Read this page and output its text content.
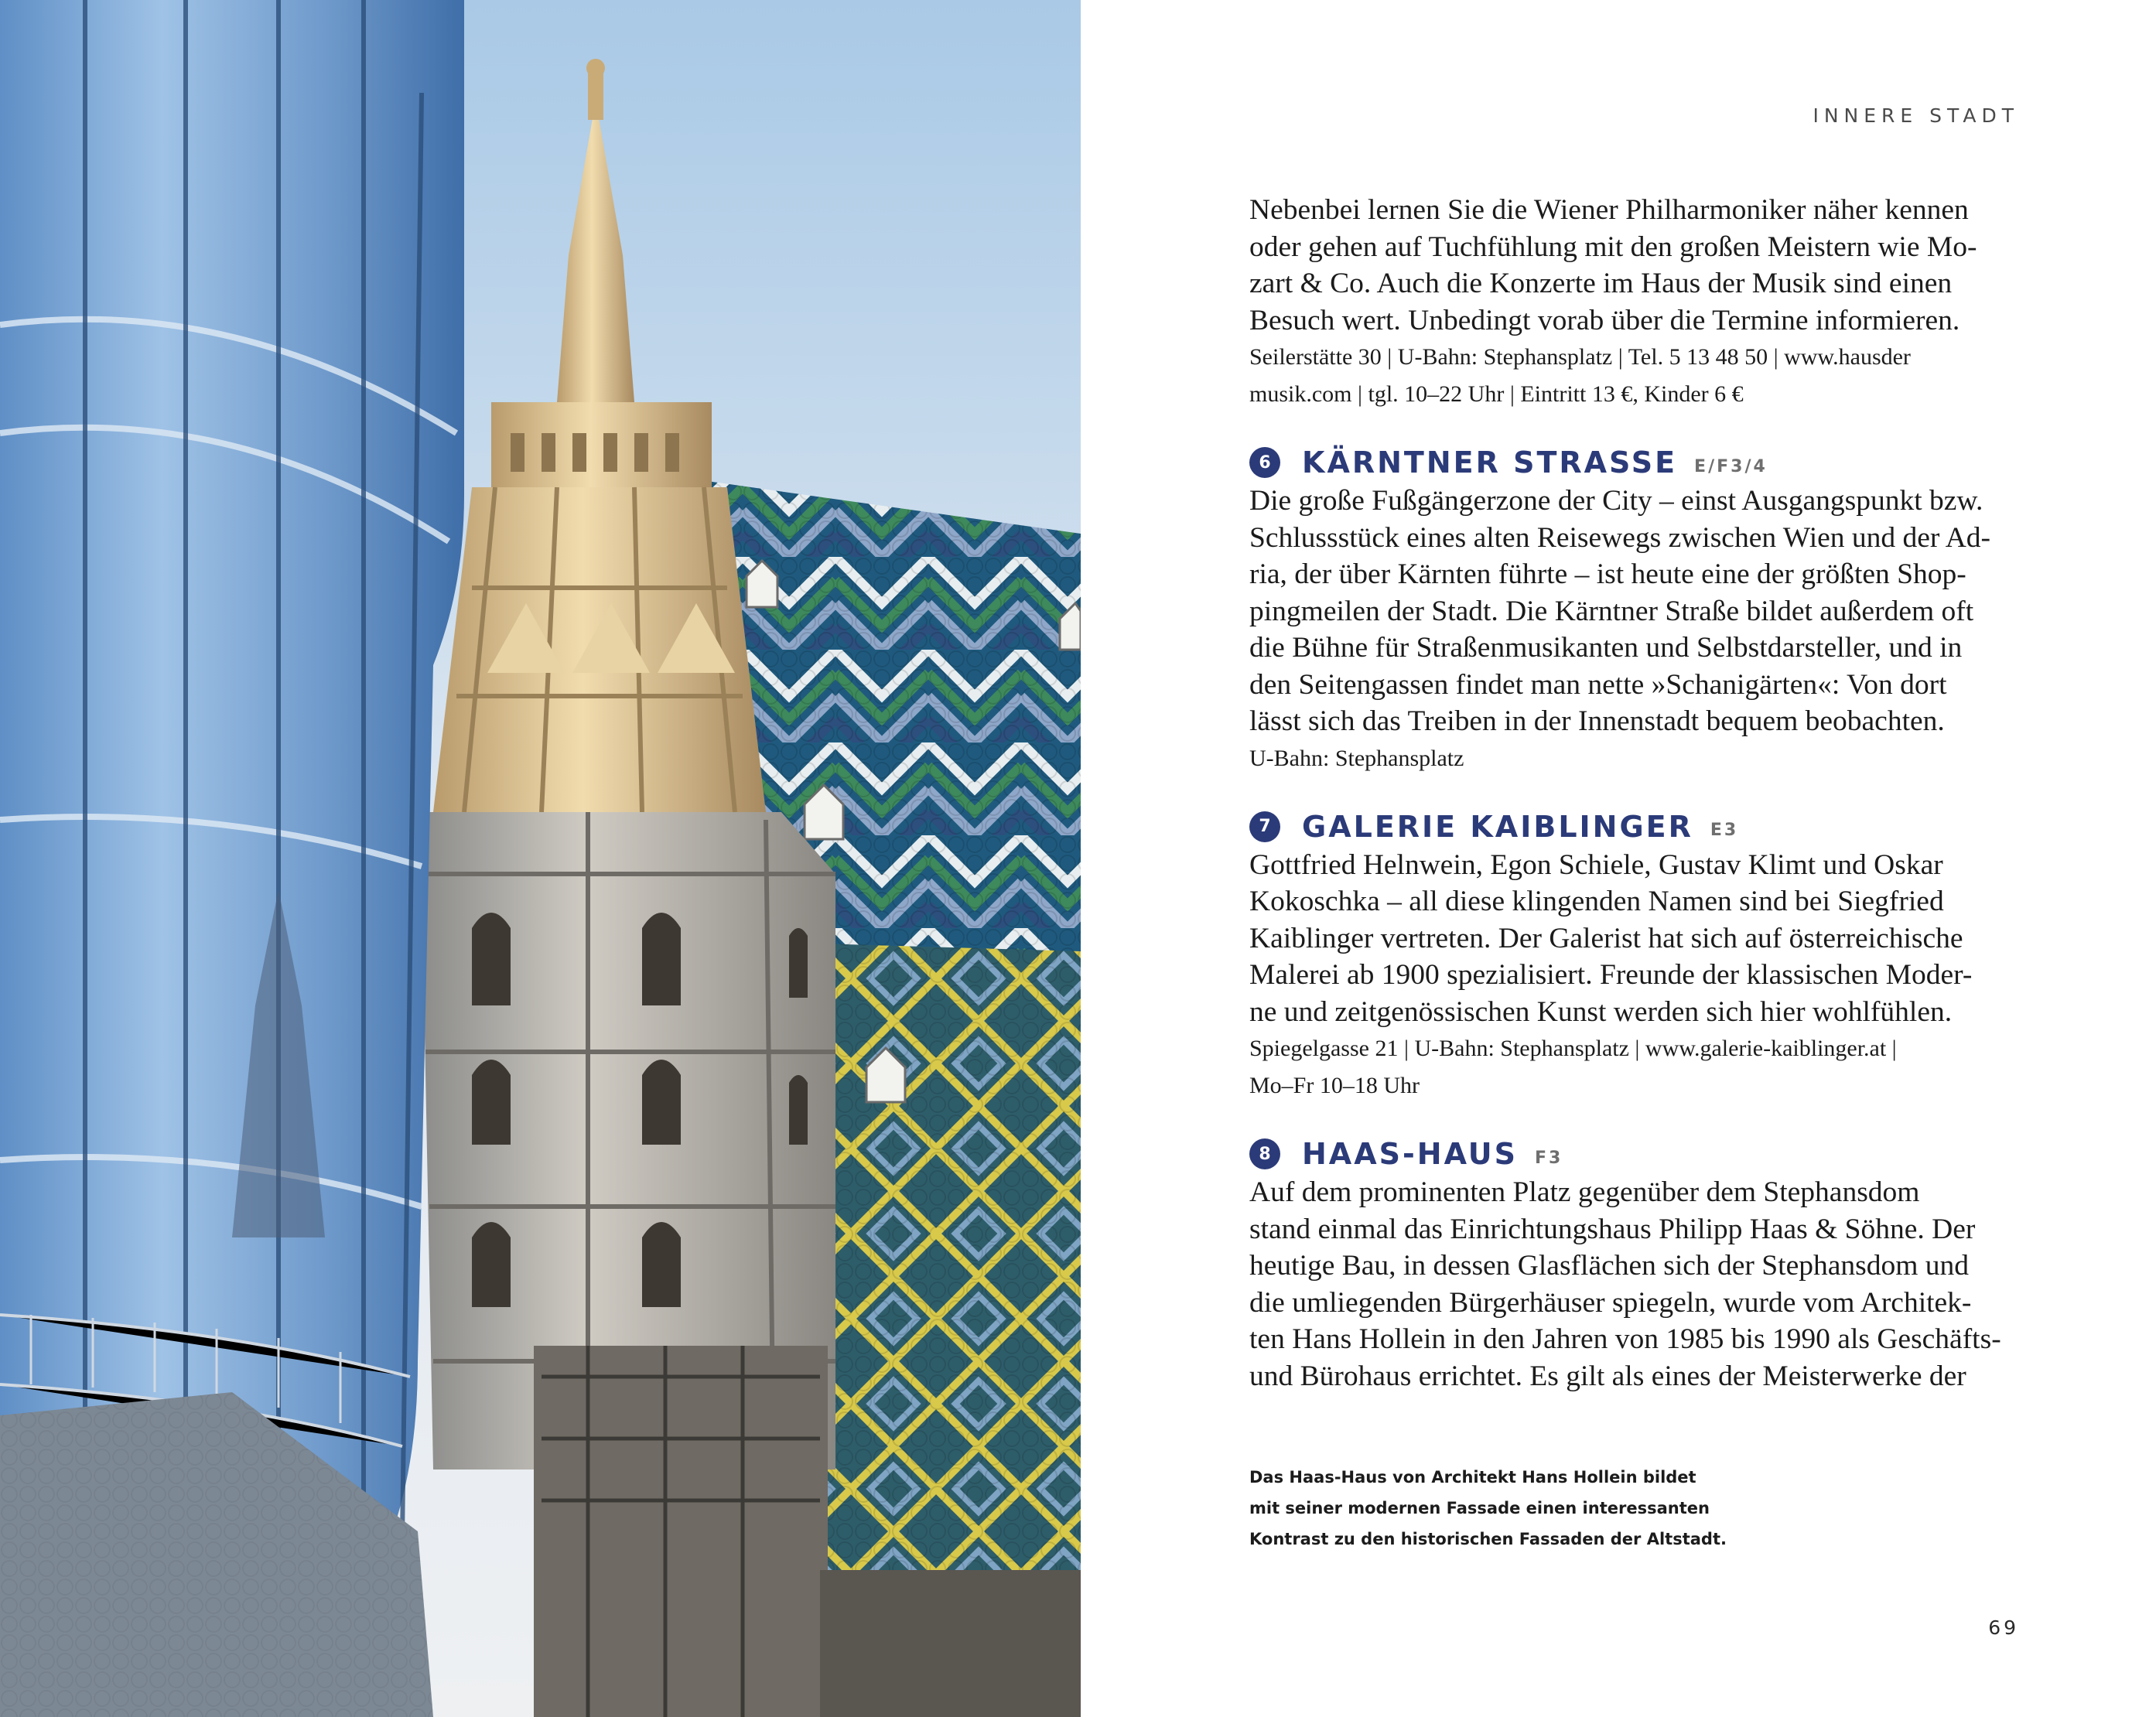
INNERE STADT

Nebenbei lernen Sie die Wiener Philharmoniker näher kennen
oder gehen auf Tuchfühlung mit den großen Meistern wie Mo-
zart & Co. Auch die Konzerte im Haus der Musik sind einen
Besuch wert. Unbedingt vorab über die Termine informieren.

Seilerstätte 30 | U-Bahn: Stephansplatz | Tel. 5 13 48 50 | www.hausder
musik.com | tgl. 10–22 Uhr | Eintritt 13 €, Kinder 6 €

6	KÄRNTNER STRASSE E/F3/4

Die große Fußgängerzone der City – einst Ausgangspunkt bzw.
Schlussstück eines alten Reisewegs zwischen Wien und der Ad-
ria, der über Kärnten führte – ist heute eine der größten Shop-
pingmeilen der Stadt. Die Kärntner Straße bildet außerdem oft
die Bühne für Straßenmusikanten und Selbstdarsteller, und in
den Seitengassen findet man nette »Schanigärten«: Von dort
lässt sich das Treiben in der Innenstadt bequem beobachten.

U-Bahn: Stephansplatz

7	GALERIE KAIBLINGER E3

Gottfried Helnwein, Egon Schiele, Gustav Klimt und Oskar
Kokoschka – all diese klingenden Namen sind bei Siegfried
Kaiblinger vertreten. Der Galerist hat sich auf österreichische
Malerei ab 1900 spezialisiert. Freunde der klassischen Moder-
ne und zeitgenössischen Kunst werden sich hier wohlfühlen.

Spiegelgasse 21 | U-Bahn: Stephansplatz | www.galerie-kaiblinger.at |
Mo–Fr 10–18 Uhr

8	HAAS-HAUS F3

Auf dem prominenten Platz gegenüber dem Stephansdom
stand einmal das Einrichtungshaus Philipp Haas & Söhne. Der
heutige Bau, in dessen Glasflächen sich der Stephansdom und
die umliegenden Bürgerhäuser spiegeln, wurde vom Architek-
ten Hans Hollein in den Jahren von 1985 bis 1990 als Geschäfts-
und Bürohaus errichtet. Es gilt als eines der Meisterwerke der

Das Haas-Haus von Architekt Hans Hollein bildet
mit seiner modernen Fassade einen interessanten
Kontrast zu den historischen Fassaden der Altstadt.

69
